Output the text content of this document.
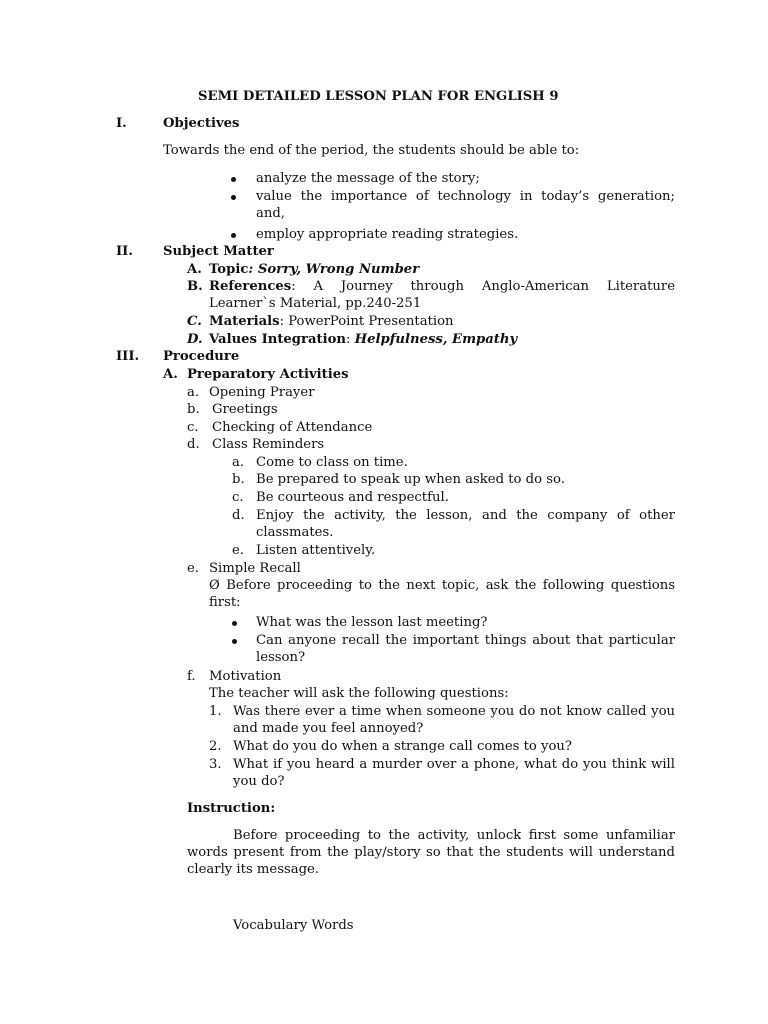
SEMI DETAILED LESSON PLAN FOR ENGLISH 9
I.	Objectives
Towards the end of the period, the students should be able to:
analyze the message of the story;
value the importance of technology in today’s generation; and,
employ appropriate reading strategies.
II. Subject Matter
A. Topic: Sorry, Wrong Number
B. References: A Journey through Anglo-American Literature Learner`s Material, pp.240-251
C. Materials: PowerPoint Presentation
D. Values Integration: Helpfulness, Empathy
III. Procedure
A. Preparatory Activities
a. Opening Prayer
b. Greetings
c. Checking of Attendance
d. Class Reminders
a. Come to class on time.
b. Be prepared to speak up when asked to do so.
c. Be courteous and respectful.
d. Enjoy the activity, the lesson, and the company of other classmates.
e. Listen attentively.
e. Simple Recall
Ø Before proceeding to the next topic, ask the following questions first:
What was the lesson last meeting?
Can anyone recall the important things about that particular lesson?
f. Motivation
The teacher will ask the following questions:
1. Was there ever a time when someone you do not know called you and made you feel annoyed?
2. What do you do when a strange call comes to you?
3. What if you heard a murder over a phone, what do you think will you do?
Instruction:
Before proceeding to the activity, unlock first some unfamiliar words present from the play/story so that the students will understand clearly its message.
Vocabulary Words
